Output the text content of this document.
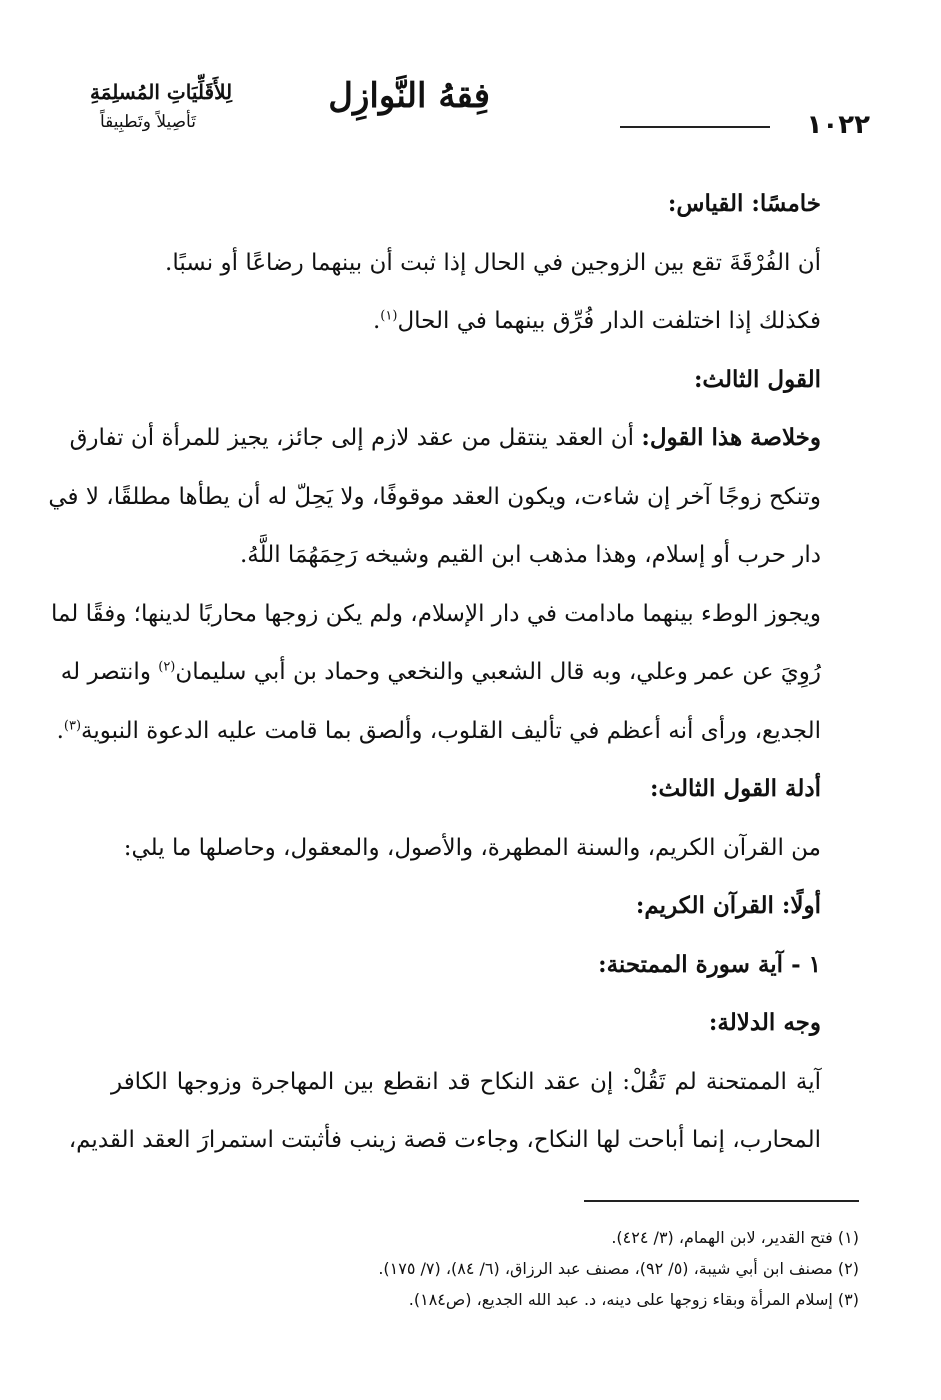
١٠٢٢
فِقهُ النَّوازِل
لِلأَقَلِّيَاتِ المُسلِمَةِ
تَأصِيلاً وتَطبِيقاً
خامسًا: القياس:
أن الفُرْقَةَ تقع بين الزوجين في الحال إذا ثبت أن بينهما رضاعًا أو نسبًا.
فكذلك إذا اختلفت الدار فُرِّق بينهما في الحال$^{(١)}$.
القول الثالث:
وخلاصة هذا القول: أن العقد ينتقل من عقد لازم إلى جائز، يجيز للمرأة أن تفارق
وتنكح زوجًا آخر إن شاءت، ويكون العقد موقوفًا، ولا يَحِلّ له أن يطأها مطلقًا، لا في
دار حرب أو إسلام، وهذا مذهب ابن القيم وشيخه رَحِمَهُمَا اللَّهُ.
ويجوز الوطء بينهما مادامت في دار الإسلام، ولم يكن زوجها محاربًا لدينها؛ وفقًا لما
رُوِيَ عن عمر وعلي، وبه قال الشعبي والنخعي وحماد بن أبي سليمان$^{(٢)}$ وانتصر له
الجديع، ورأى أنه أعظم في تأليف القلوب، وألصق بما قامت عليه الدعوة النبوية$^{(٣)}$.
أدلة القول الثالث:
من القرآن الكريم، والسنة المطهرة، والأصول، والمعقول، وحاصلها ما يلي:
أولًا: القرآن الكريم:
١ - آية سورة الممتحنة:
وجه الدلالة:
آية الممتحنة لم تَقُلْ: إن عقد النكاح قد انقطع بين المهاجرة وزوجها الكافر
المحارب، إنما أباحت لها النكاح، وجاءت قصة زينب فأثبتت استمرارَ العقد القديم،
(١) فتح القدير، لابن الهمام، (٣/ ٤٢٤).
(٢) مصنف ابن أبي شيبة، (٥/ ٩٢)، مصنف عبد الرزاق، (٦/ ٨٤)، (٧/ ١٧٥).
(٣) إسلام المرأة وبقاء زوجها على دينه، د. عبد الله الجديع، (ص١٨٤).
